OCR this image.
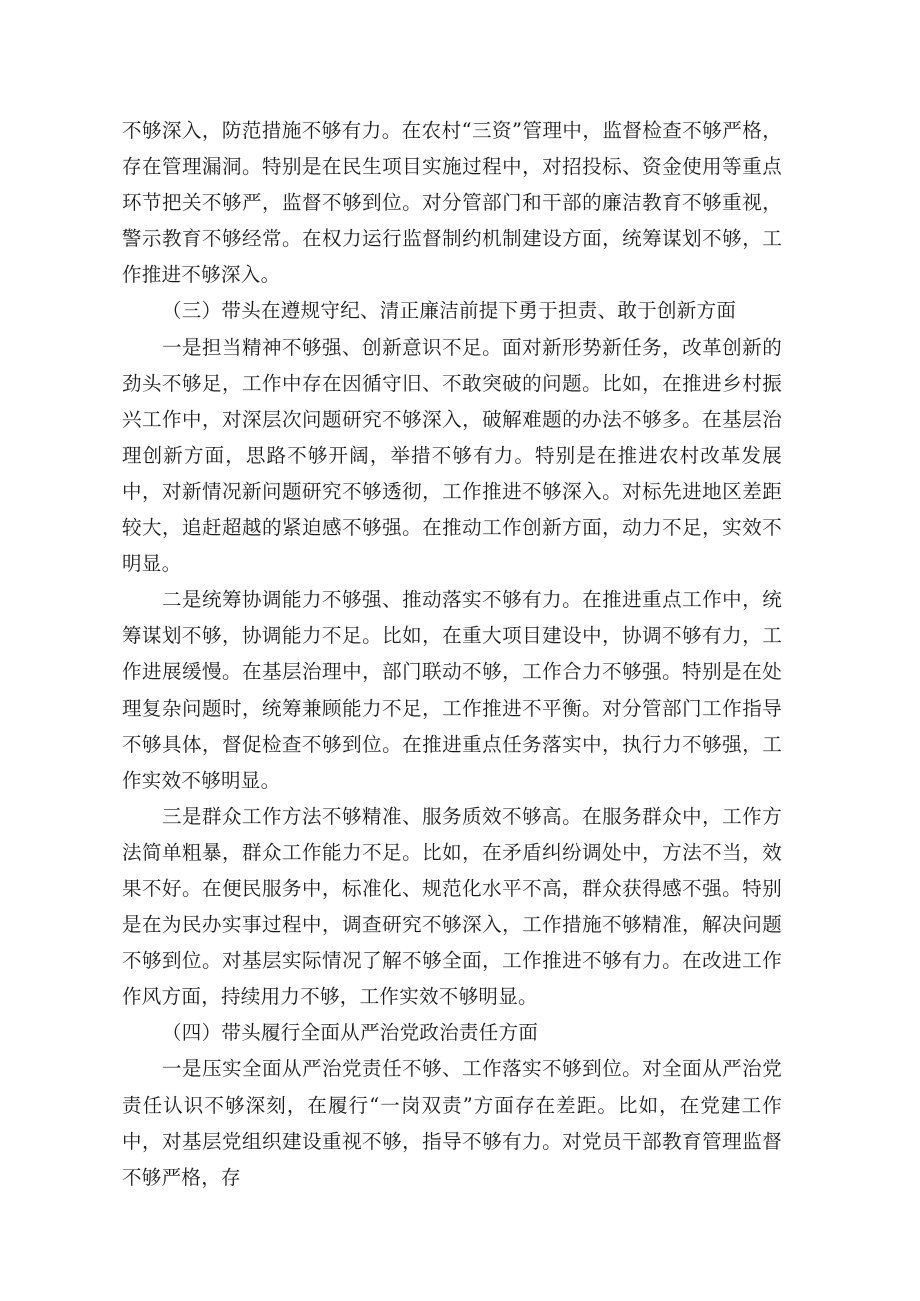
不够深入，防范措施不够有力。在农村“三资”管理中，监督检查不够严格，存在管理漏洞。特别是在民生项目实施过程中，对招投标、资金使用等重点环节把关不够严，监督不够到位。对分管部门和干部的廉洁教育不够重视，警示教育不够经常。在权力运行监督制约机制建设方面，统筹谋划不够，工作推进不够深入。

（三）带头在遵规守纪、清正廉洁前提下勇于担责、敢于创新方面

一是担当精神不够强、创新意识不足。面对新形势新任务，改革创新的劲头不够足，工作中存在因循守旧、不敢突破的问题。比如，在推进乡村振兴工作中，对深层次问题研究不够深入，破解难题的办法不够多。在基层治理创新方面，思路不够开阔，举措不够有力。特别是在推进农村改革发展中，对新情况新问题研究不够透彻，工作推进不够深入。对标先进地区差距较大，追赶超越的紧迫感不够强。在推动工作创新方面，动力不足，实效不明显。

二是统筹协调能力不够强、推动落实不够有力。在推进重点工作中，统筹谋划不够，协调能力不足。比如，在重大项目建设中，协调不够有力，工作进展缓慢。在基层治理中，部门联动不够，工作合力不够强。特别是在处理复杂问题时，统筹兼顾能力不足，工作推进不平衡。对分管部门工作指导不够具体，督促检查不够到位。在推进重点任务落实中，执行力不够强，工作实效不够明显。

三是群众工作方法不够精准、服务质效不够高。在服务群众中，工作方法简单粗暴，群众工作能力不足。比如，在矛盾纠纷调处中，方法不当，效果不好。在便民服务中，标准化、规范化水平不高，群众获得感不强。特别是在为民办实事过程中，调查研究不够深入，工作措施不够精准，解决问题不够到位。对基层实际情况了解不够全面，工作推进不够有力。在改进工作作风方面，持续用力不够，工作实效不够明显。

（四）带头履行全面从严治党政治责任方面

一是压实全面从严治党责任不够、工作落实不够到位。对全面从严治党责任认识不够深刻，在履行“一岗双责”方面存在差距。比如，在党建工作中，对基层党组织建设重视不够，指导不够有力。对党员干部教育管理监督不够严格，存
